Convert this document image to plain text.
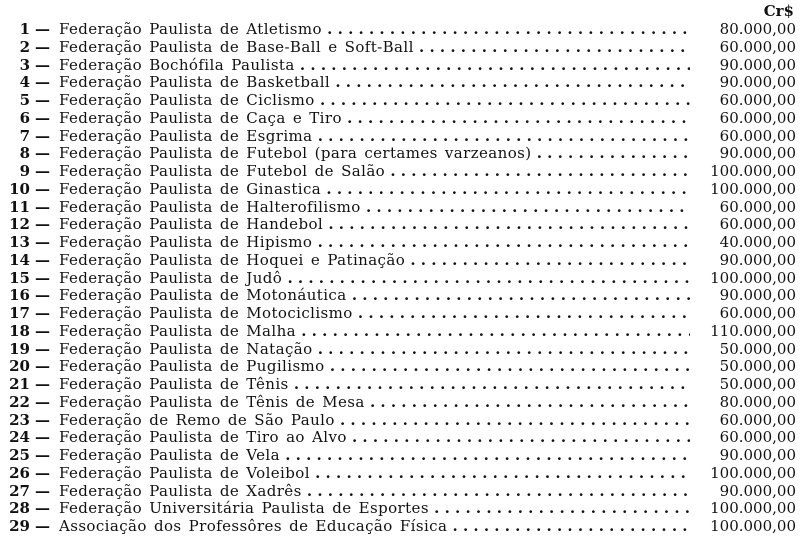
Cr$
1 — Federação Paulista de Atletismo . . .	80.000,00
2 — Federação Paulista de Base-Ball e Soft-Ball . . .	60.000,00
3 — Federação Bochófila Paulista . . .	90.000,00
4 — Federação Paulista de Basketball . . .	90.000,00
5 — Federação Paulista de Ciclismo . . .	60.000,00
6 — Federação Paulista de Caça e Tiro . . .	60.000,00
7 — Federação Paulista de Esgrima . . .	60.000,00
8 — Federação Paulista de Futebol (para certames varzeanos) . . .	90.000,00
9 — Federação Paulista de Futebol de Salão . . .	100.000,00
10 — Federação Paulista de Ginastica . . .	100.000,00
11 — Federação Paulista de Halterofilismo . . .	60.000,00
12 — Federação Paulista de Handebol . . .	60.000,00
13 — Federação Paulista de Hipismo . . .	40.000,00
14 — Federação Paulista de Hoquei e Patinação . . .	90.000,00
15 — Federação Paulista de Judô . . .	100.000,00
16 — Federação Paulista de Motonáutica . . .	90.000,00
17 — Federação Paulista de Motociclismo . . .	60.000,00
18 — Federação Paulista de Malha . . .	110.000,00
19 — Federação Paulista de Natação . . .	50.000,00
20 — Federação Paulista de Pugilismo . . .	50.000,00
21 — Federação Paulista de Tênis . . .	50.000,00
22 — Federação Paulista de Tênis de Mesa . . .	80.000,00
23 — Federação de Remo de São Paulo . . .	60.000,00
24 — Federação Paulista de Tiro ao Alvo . . .	60.000,00
25 — Federação Paulista de Vela . . .	90.000,00
26 — Federação Paulista de Voleibol . . .	100.000,00
27 — Federação Paulista de Xadrês . . .	90.000,00
28 — Federação Universitária Paulista de Esportes . . .	100.000,00
29 — Associação dos Professôres de Educação Física . . .	100.000,00
